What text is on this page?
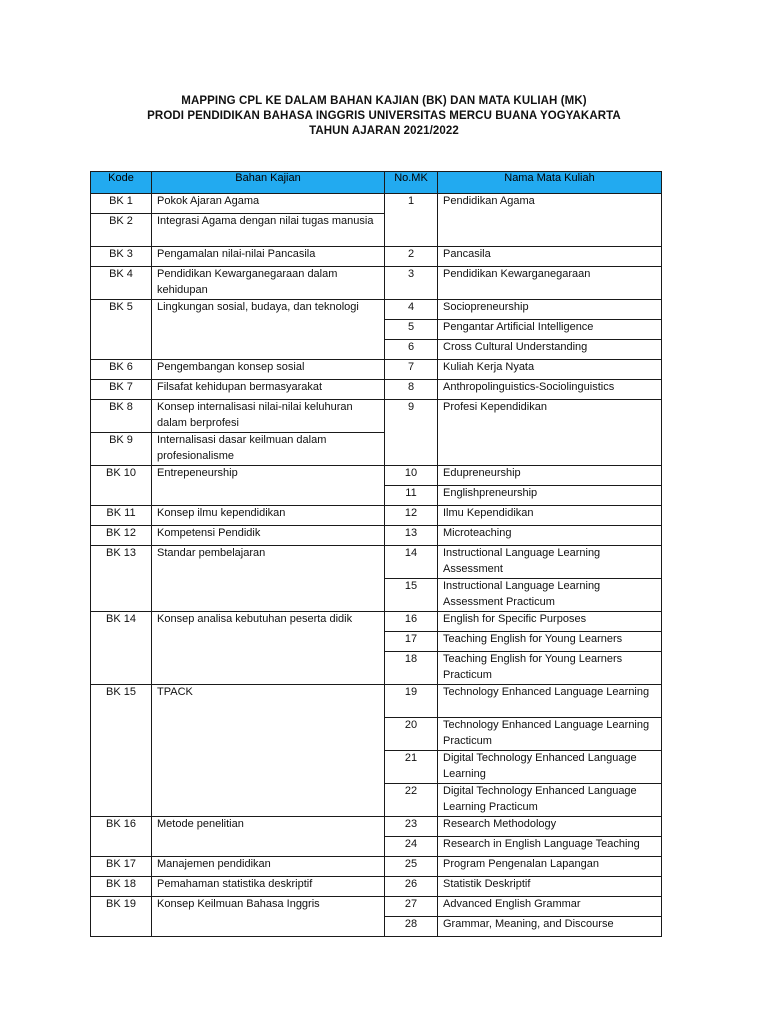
MAPPING CPL KE DALAM BAHAN KAJIAN (BK) DAN MATA KULIAH (MK)
PRODI PENDIDIKAN BAHASA INGGRIS UNIVERSITAS MERCU BUANA YOGYAKARTA
TAHUN AJARAN 2021/2022
Kode	Bahan Kajian	No.MK	Nama Mata Kuliah
BK 1	Pokok Ajaran Agama	1	Pendidikan Agama
BK 2	Integrasi Agama dengan nilai tugas manusia		
BK 3	Pengamalan nilai-nilai Pancasila	2	Pancasila
BK 4	Pendidikan Kewarganegaraan dalam kehidupan	3	Pendidikan Kewarganegaraan
BK 5	Lingkungan sosial, budaya, dan teknologi	4	Sociopreneurship
		5	Pengantar Artificial Intelligence
		6	Cross Cultural Understanding
BK 6	Pengembangan konsep sosial	7	Kuliah Kerja Nyata
BK 7	Filsafat kehidupan bermasyarakat	8	Anthropolinguistics-Sociolinguistics
BK 8	Konsep internalisasi nilai-nilai keluhuran dalam berprofesi	9	Profesi Kependidikan
BK 9	Internalisasi dasar keilmuan dalam profesionalisme		
BK 10	Entrepeneurship	10	Edupreneurship
		11	Englishpreneurship
BK 11	Konsep ilmu kependidikan	12	Ilmu Kependidikan
BK 12	Kompetensi Pendidik	13	Microteaching
BK 13	Standar pembelajaran	14	Instructional Language Learning Assessment
		15	Instructional Language Learning Assessment Practicum
BK 14	Konsep analisa kebutuhan peserta didik	16	English for Specific Purposes
		17	Teaching English for Young Learners
		18	Teaching English for Young Learners Practicum
BK 15	TPACK	19	Technology Enhanced Language Learning
		20	Technology Enhanced Language Learning Practicum
		21	Digital Technology Enhanced Language Learning
		22	Digital Technology Enhanced Language Learning Practicum
BK 16	Metode penelitian	23	Research Methodology
		24	Research in English Language Teaching
BK 17	Manajemen pendidikan	25	Program Pengenalan Lapangan
BK 18	Pemahaman statistika deskriptif	26	Statistik Deskriptif
BK 19	Konsep Keilmuan Bahasa Inggris	27	Advanced English Grammar
		28	Grammar, Meaning, and Discourse
